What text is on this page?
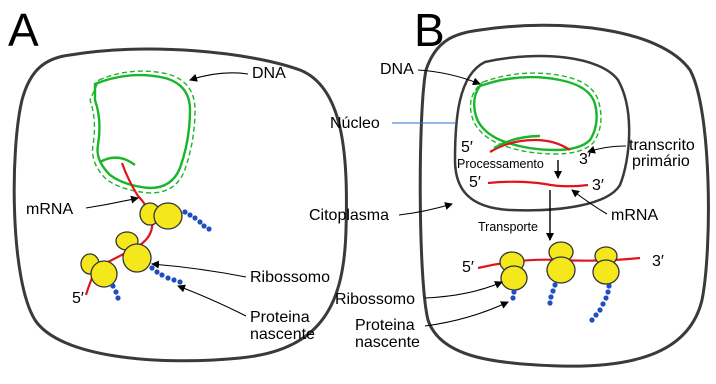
A
DNA
mRNA
Ribossomo
Proteina
nascente
5′
B
DNA
Núcleo
transcrito
primário
5′
3′
Processamento
5′	3′
mRNA
Citoplasma
Transporte
5′	3′
Ribossomo
Proteina
nascente
